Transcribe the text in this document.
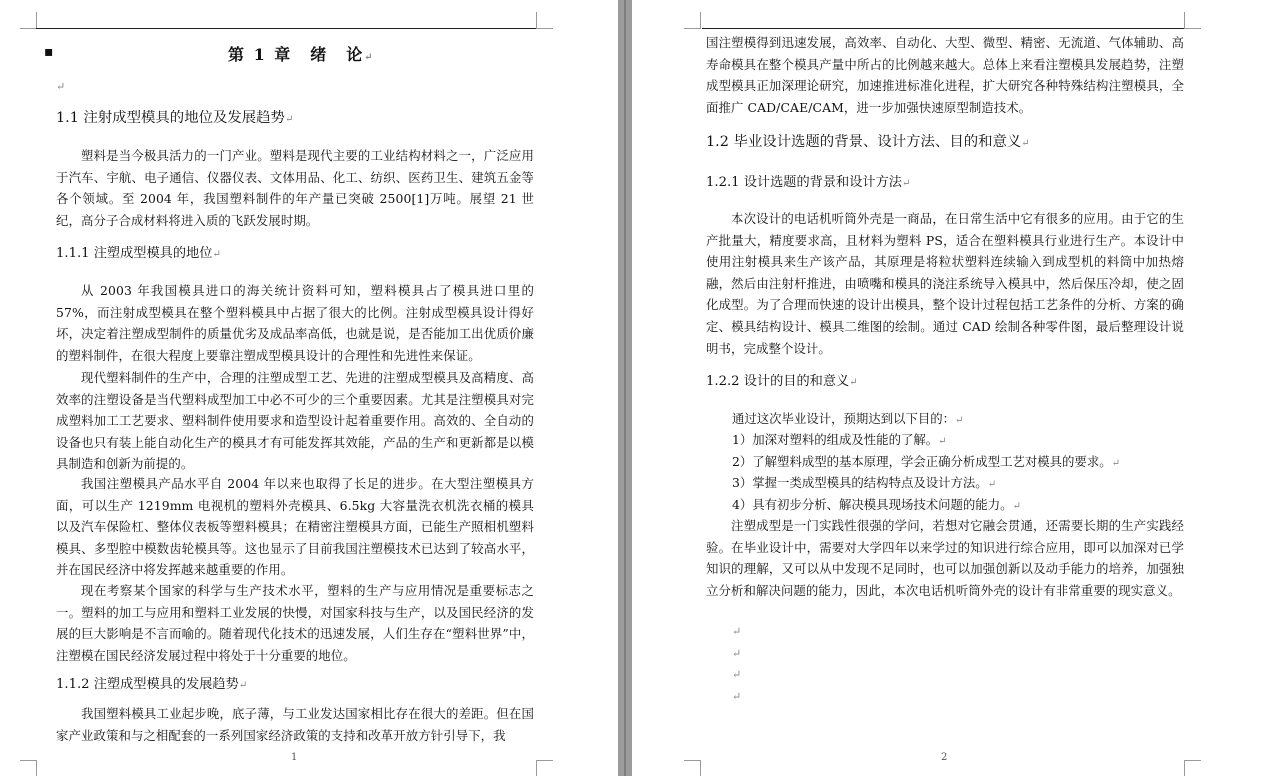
▪	第 1 章　绪　论↵
↵
1.1 注射成型模具的地位及发展趋势↵
塑料是当今极具活力的一门产业。塑料是现代主要的工业结构材料之一，广泛应用于汽车、宇航、电子通信、仪器仪表、文体用品、化工、纺织、医药卫生、建筑五金等各个领域。至 2004 年，我国塑料制件的年产量已突破 2500[1]万吨。展望 21 世纪，高分子合成材料将进入质的飞跃发展时期。
1.1.1 注塑成型模具的地位↵
从 2003 年我国模具进口的海关统计资料可知，塑料模具占了模具进口里的 57%，而注射成型模具在整个塑料模具中占据了很大的比例。注射成型模具设计得好坏，决定着注塑成型制件的质量优劣及成品率高低，也就是说，是否能加工出优质价廉的塑料制件，在很大程度上要靠注塑成型模具设计的合理性和先进性来保证。
现代塑料制件的生产中，合理的注塑成型工艺、先进的注塑成型模具及高精度、高效率的注塑设备是当代塑料成型加工中必不可少的三个重要因素。尤其是注塑模具对完成塑料加工工艺要求、塑料制件使用要求和造型设计起着重要作用。高效的、全自动的设备也只有装上能自动化生产的模具才有可能发挥其效能，产品的生产和更新都是以模具制造和创新为前提的。
我国注塑模具产品水平自 2004 年以来也取得了长足的进步。在大型注塑模具方面，可以生产 1219mm 电视机的塑料外壳模具、6.5kg 大容量洗衣机洗衣桶的模具以及汽车保险杠、整体仪表板等塑料模具；在精密注塑模具方面，已能生产照相机塑料模具、多型腔中模数齿轮模具等。这也显示了目前我国注塑模技术已达到了较高水平，并在国民经济中将发挥越来越重要的作用。
现在考察某个国家的科学与生产技术水平，塑料的生产与应用情况是重要标志之一。塑料的加工与应用和塑料工业发展的快慢，对国家科技与生产，以及国民经济的发展的巨大影响是不言而喻的。随着现代化技术的迅速发展，人们生存在“塑料世界”中，注塑模在国民经济发展过程中将处于十分重要的地位。
1.1.2 注塑成型模具的发展趋势↵
我国塑料模具工业起步晚，底子薄，与工业发达国家相比存在很大的差距。但在国家产业政策和与之相配套的一系列国家经济政策的支持和改革开放方针引导下，我
1
国注塑模得到迅速发展，高效率、自动化、大型、微型、精密、无流道、气体辅助、高寿命模具在整个模具产量中所占的比例越来越大。总体上来看注塑模具发展趋势，注塑成型模具正加深理论研究，加速推进标准化进程，扩大研究各种特殊结构注塑模具，全面推广 CAD/CAE/CAM，进一步加强快速原型制造技术。
1.2 毕业设计选题的背景、设计方法、目的和意义↵
1.2.1 设计选题的背景和设计方法↵
本次设计的电话机听筒外壳是一商品，在日常生活中它有很多的应用。由于它的生产批量大，精度要求高，且材料为塑料 PS，适合在塑料模具行业进行生产。本设计中使用注射模具来生产该产品，其原理是将粒状塑料连续输入到成型机的料筒中加热熔融，然后由注射杆推进，由喷嘴和模具的浇注系统导入模具中，然后保压冷却，使之固化成型。为了合理而快速的设计出模具，整个设计过程包括工艺条件的分析、方案的确定、模具结构设计、模具二维图的绘制。通过 CAD 绘制各种零件图，最后整理设计说明书，完成整个设计。
1.2.2 设计的目的和意义↵
通过这次毕业设计，预期达到以下目的：↵
1）加深对塑料的组成及性能的了解。↵
2）了解塑料成型的基本原理，学会正确分析成型工艺对模具的要求。↵
3）掌握一类成型模具的结构特点及设计方法。↵
4）具有初步分析、解决模具现场技术问题的能力。↵
注塑成型是一门实践性很强的学问，若想对它融会贯通，还需要长期的生产实践经验。在毕业设计中，需要对大学四年以来学过的知识进行综合应用，即可以加深对已学知识的理解，又可以从中发现不足同时，也可以加强创新以及动手能力的培养，加强独立分析和解决问题的能力，因此，本次电话机听筒外壳的设计有非常重要的现实意义。
↵
↵
↵
↵
2
